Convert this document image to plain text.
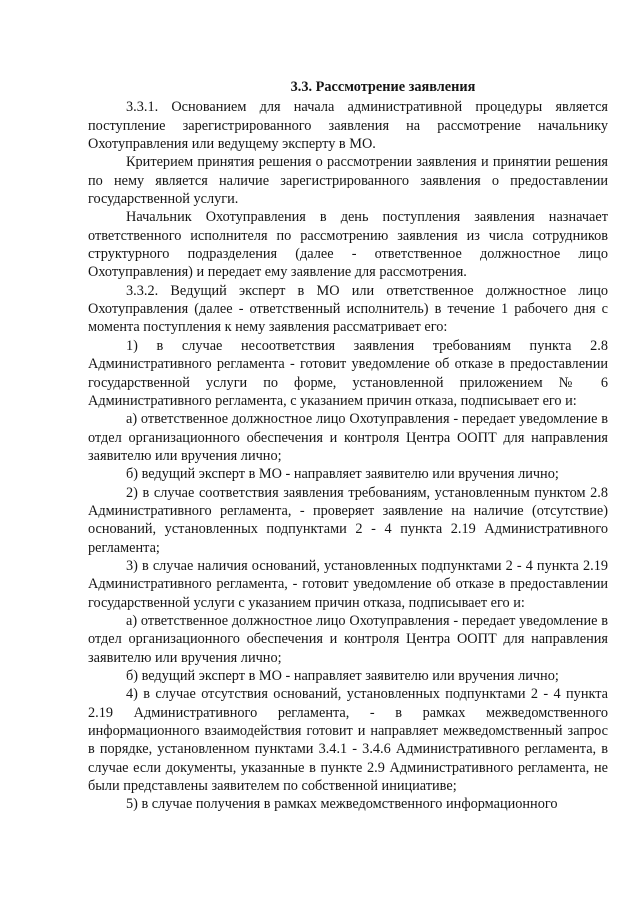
3.3. Рассмотрение заявления

3.3.1. Основанием для начала административной процедуры является поступление зарегистрированного заявления на рассмотрение начальнику Охотуправления или ведущему эксперту в МО.

Критерием принятия решения о рассмотрении заявления и принятии решения по нему является наличие зарегистрированного заявления о предоставлении государственной услуги.

Начальник Охотуправления в день поступления заявления назначает ответственного исполнителя по рассмотрению заявления из числа сотрудников структурного подразделения (далее - ответственное должностное лицо Охотуправления) и передает ему заявление для рассмотрения.

3.3.2. Ведущий эксперт в МО или ответственное должностное лицо Охотуправления (далее - ответственный исполнитель) в течение 1 рабочего дня с момента поступления к нему заявления рассматривает его:

1) в случае несоответствия заявления требованиям пункта 2.8 Административного регламента - готовит уведомление об отказе в предоставлении государственной услуги по форме, установленной приложением № 6 Административного регламента, с указанием причин отказа, подписывает его и:

а) ответственное должностное лицо Охотуправления - передает уведомление в отдел организационного обеспечения и контроля Центра ООПТ для направления заявителю или вручения лично;

б) ведущий эксперт в МО - направляет заявителю или вручения лично;

2) в случае соответствия заявления требованиям, установленным пунктом 2.8 Административного регламента, - проверяет заявление на наличие (отсутствие) оснований, установленных подпунктами 2 - 4 пункта 2.19 Административного регламента;

3) в случае наличия оснований, установленных подпунктами 2 - 4 пункта 2.19 Административного регламента, - готовит уведомление об отказе в предоставлении государственной услуги с указанием причин отказа, подписывает его и:

а) ответственное должностное лицо Охотуправления - передает уведомление в отдел организационного обеспечения и контроля Центра ООПТ для направления заявителю или вручения лично;

б) ведущий эксперт в МО - направляет заявителю или вручения лично;

4) в случае отсутствия оснований, установленных подпунктами 2 - 4 пункта 2.19 Административного регламента, - в рамках межведомственного информационного взаимодействия готовит и направляет межведомственный запрос в порядке, установленном пунктами 3.4.1 - 3.4.6 Административного регламента, в случае если документы, указанные в пункте 2.9 Административного регламента, не были представлены заявителем по собственной инициативе;

5) в случае получения в рамках межведомственного информационного
